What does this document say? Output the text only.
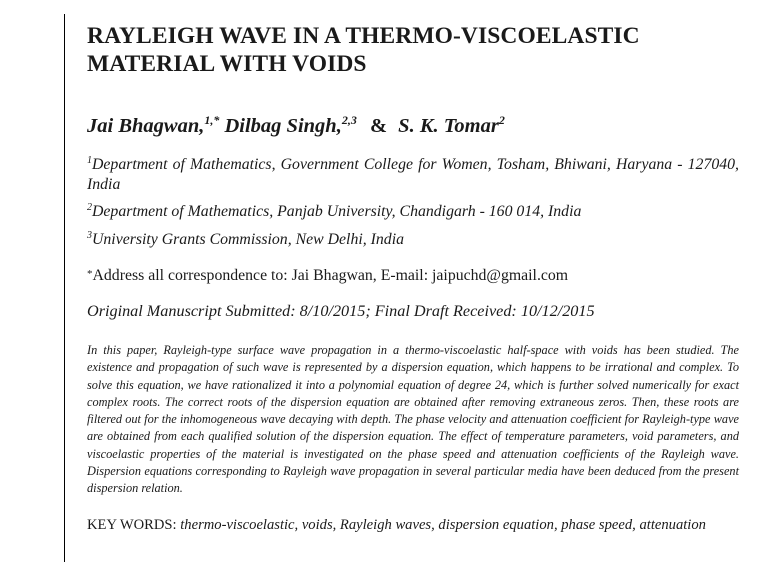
RAYLEIGH WAVE IN A THERMO-VISCOELASTIC
MATERIAL WITH VOIDS
Jai Bhagwan,$^{1,*}$ Dilbag Singh,$^{2,3}$ & S. K. Tomar$^2$
$^1$Department of Mathematics, Government College for Women, Tosham, Bhiwani, Haryana - 127040, India
$^2$Department of Mathematics, Panjab University, Chandigarh - 160 014, India
$^3$University Grants Commission, New Delhi, India
*Address all correspondence to: Jai Bhagwan, E-mail: jaipuchd@gmail.com
Original Manuscript Submitted: 8/10/2015; Final Draft Received: 10/12/2015
In this paper, Rayleigh-type surface wave propagation in a thermo-viscoelastic half-space with voids has been studied. The existence and propagation of such wave is represented by a dispersion equation, which happens to be irrational and complex. To solve this equation, we have rationalized it into a polynomial equation of degree 24, which is further solved numerically for exact complex roots. The correct roots of the dispersion equation are obtained after removing extraneous zeros. Then, these roots are filtered out for the inhomogeneous wave decaying with depth. The phase velocity and attenuation coefficient for Rayleigh-type wave are obtained from each qualified solution of the dispersion equation. The effect of temperature parameters, void parameters, and viscoelastic properties of the material is investigated on the phase speed and attenuation coefficients of the Rayleigh wave. Dispersion equations corresponding to Rayleigh wave propagation in several particular media have been deduced from the present dispersion relation.
KEY WORDS: thermo-viscoelastic, voids, Rayleigh waves, dispersion equation, phase speed, attenuation
